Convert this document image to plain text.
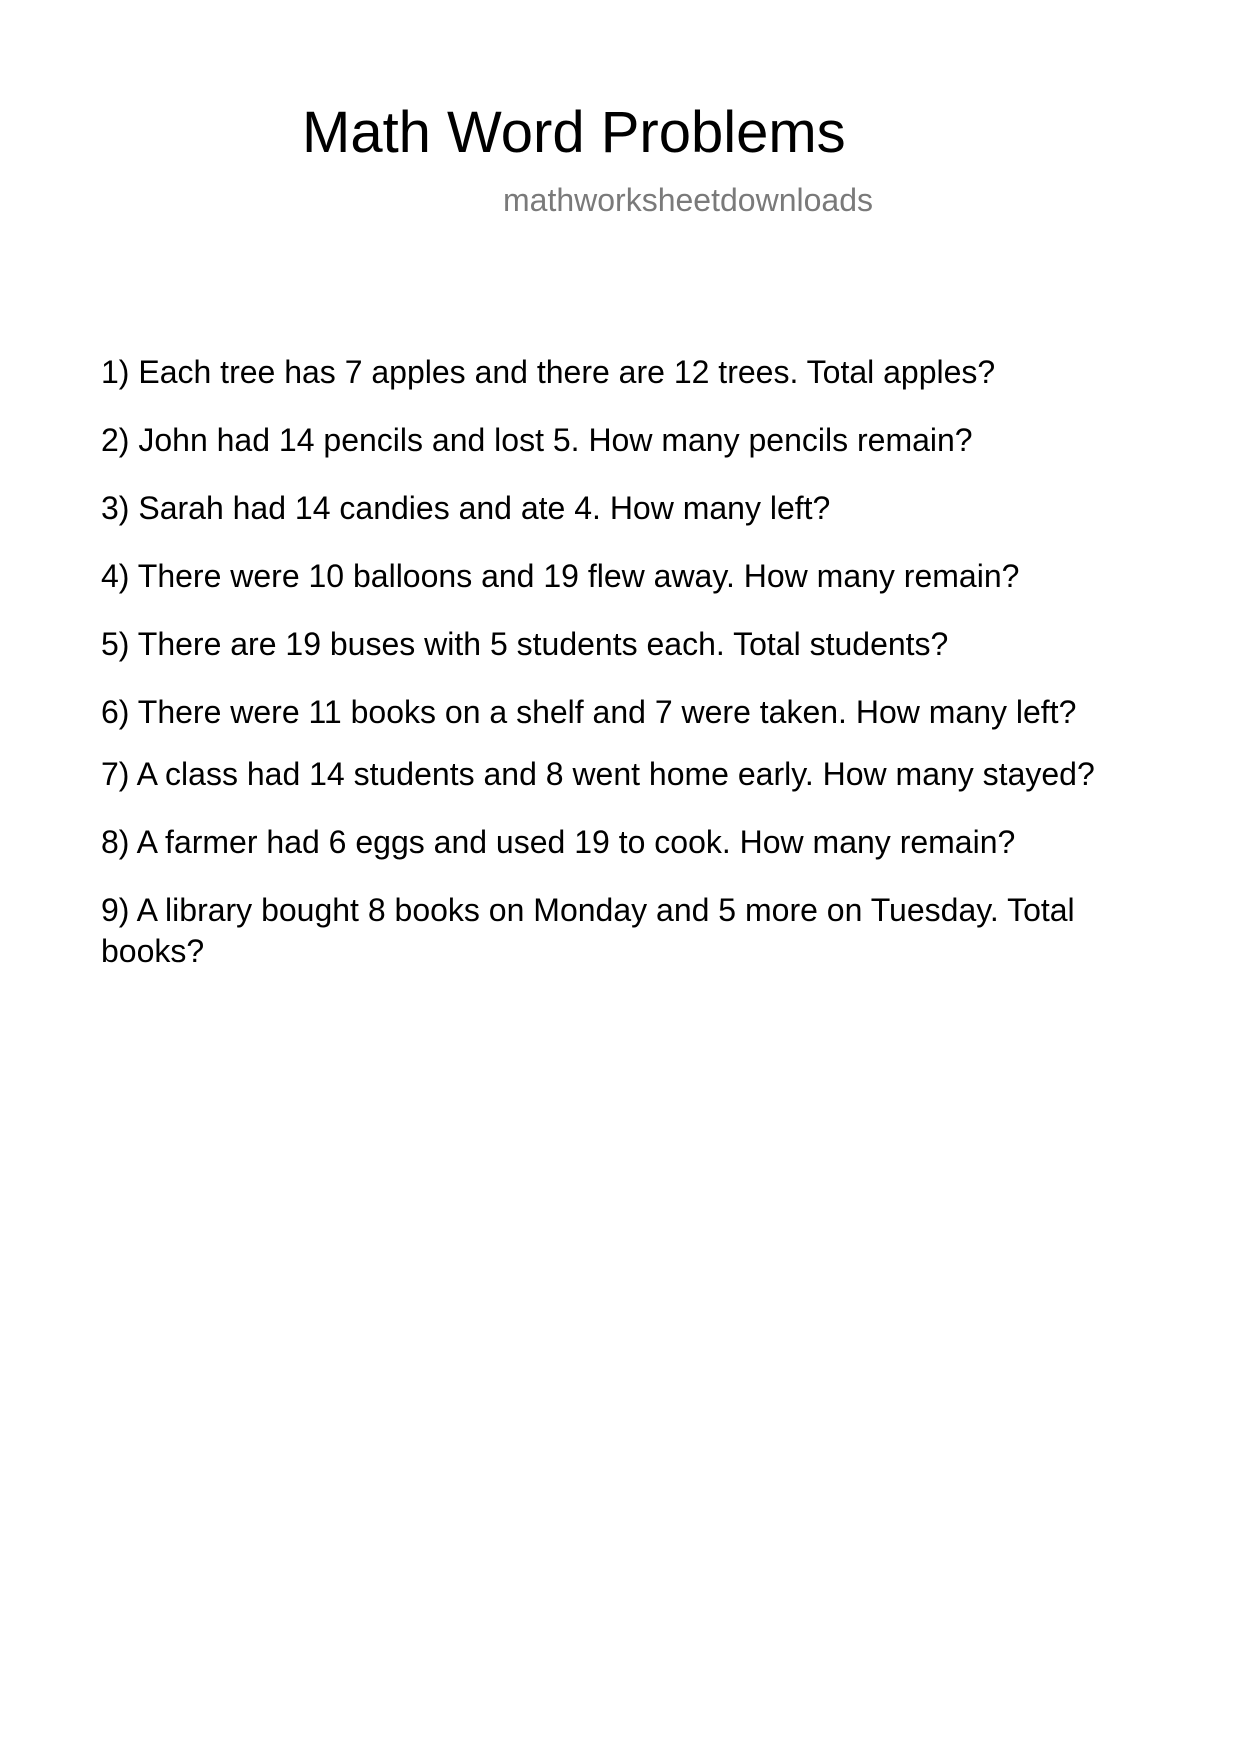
Math Word Problems
mathworksheetdownloads
1) Each tree has 7 apples and there are 12 trees. Total apples?
2) John had 14 pencils and lost 5. How many pencils remain?
3) Sarah had 14 candies and ate 4. How many left?
4) There were 10 balloons and 19 flew away. How many remain?
5) There are 19 buses with 5 students each. Total students?
6) There were 11 books on a shelf and 7 were taken. How many left?
7) A class had 14 students and 8 went home early. How many stayed?
8) A farmer had 6 eggs and used 19 to cook. How many remain?
9) A library bought 8 books on Monday and 5 more on Tuesday. Total books?
